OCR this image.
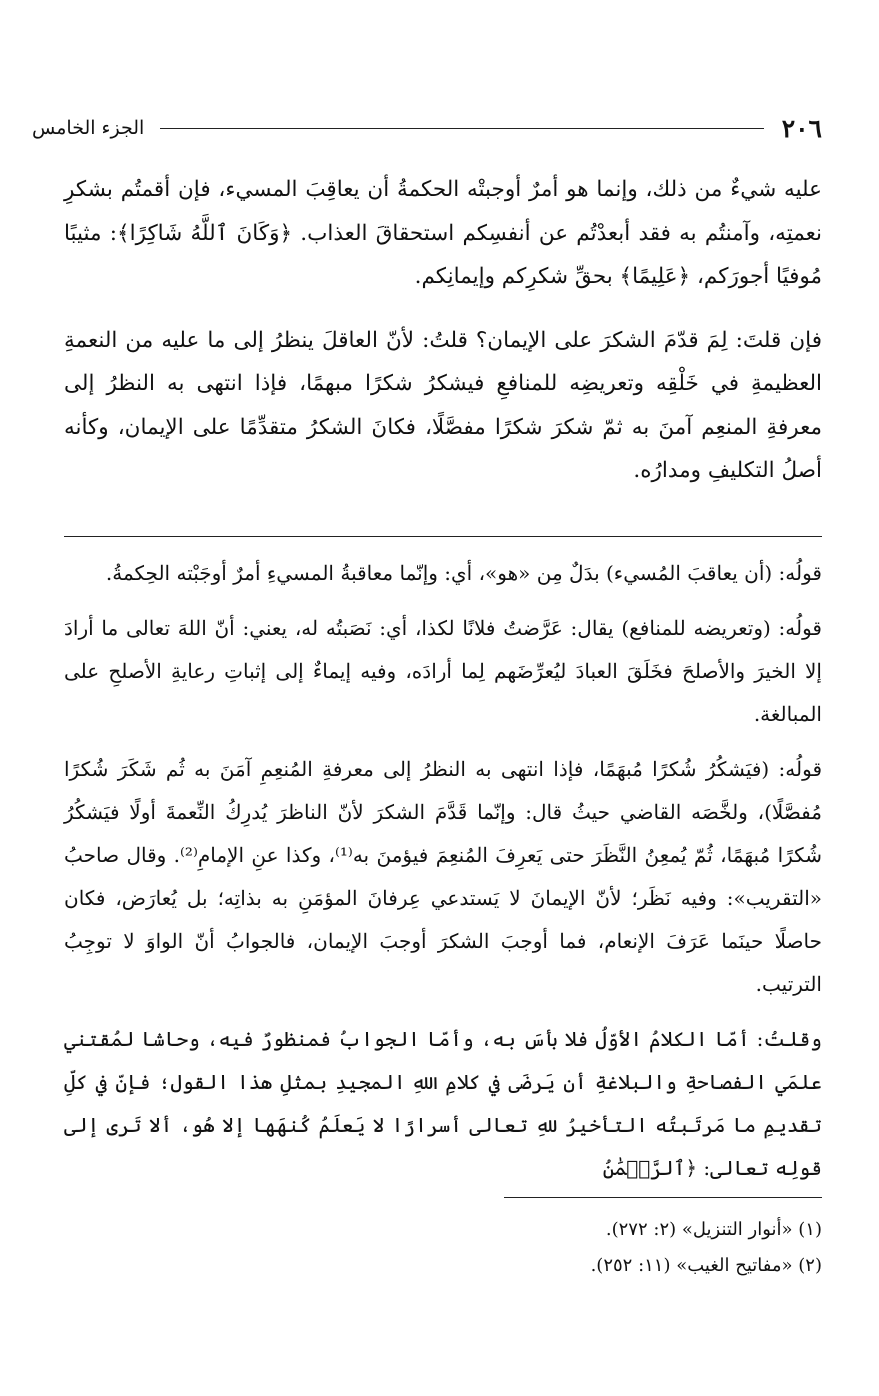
٢٠٦
الجزء الخامس

عليه شيءٌ من ذلك، وإنما هو أمرٌ أوجبتْه الحكمةُ أن يعاقِبَ المسيء، فإن أقمتُم بشكرِ نعمتِه، وآمنتُم به فقد أبعدْتُم عن أنفسِكم استحقاقَ العذاب. ﴿وَكَانَ ٱللَّهُ شَاكِرًا﴾: مثيبًا مُوفيًا أجورَكم، ﴿عَلِيمًا﴾ بحقِّ شكرِكم وإيمانِكم.

فإن قلتَ: لِمَ قدّمَ الشكرَ على الإيمان؟ قلتُ: لأنّ العاقلَ ينظرُ إلى ما عليه من النعمةِ العظيمةِ في خَلْقِه وتعريضِه للمنافعِ فيشكرُ شكرًا مبهمًا، فإذا انتهى به النظرُ إلى معرفةِ المنعِم آمنَ به ثمّ شكرَ شكرًا مفصَّلًا، فكانَ الشكرُ متقدِّمًا على الإيمان، وكأنه أصلُ التكليفِ ومدارُه.

قولُه: (أن يعاقبَ المُسيء) بدَلٌ مِن «هو»، أي: وإنّما معاقبةُ المسيءِ أمرٌ أوجَبْته الحِكمةُ.

قولُه: (وتعريضه للمنافع) يقال: عَرَّضتُ فلانًا لكذا، أي: نَصَبتُه له، يعني: أنّ اللهَ تعالى ما أرادَ إلا الخيرَ والأصلحَ فخَلَقَ العبادَ ليُعرِّضَهم لِما أرادَه، وفيه إيماءٌ إلى إثباتِ رعايةِ الأصلحِ على المبالغة.

قولُه: (فيَشكُرُ شُكرًا مُبهَمًا، فإذا انتهى به النظرُ إلى معرفةِ المُنعِمِ آمَنَ به ثُم شَكَرَ شُكرًا مُفصَّلًا)، ولخَّصَه القاضي حيثُ قال: وإنّما قَدَّمَ الشكرَ لأنّ الناظرَ يُدرِكُ النِّعمةَ أولًا فيَشكُرُ شُكرًا مُبهَمًا، ثُمّ يُمعِنُ النَّظَرَ حتى يَعرِفَ المُنعِمَ فيؤمنَ به⁽¹⁾، وكذا عنِ الإمامِ⁽²⁾. وقال صاحبُ «التقريب»: وفيه نَظَر؛ لأنّ الإيمانَ لا يَستدعي عِرفانَ المؤمَنِ به بذاتِه؛ بل يُعارَض، فكان حاصلًا حينَما عَرَفَ الإنعام، فما أوجبَ الشكرَ أوجبَ الإيمان، فالجوابُ أنّ الواوَ لا توجِبُ الترتيب.

وقلتُ: أمّا الكلامُ الأوّلُ فلا بأسَ به، وأمّا الجوابُ فمنظورٌ فيه، وحاشا لمُقتني علمَي الفصاحةِ والبلاغةِ أن يَرضَى في كلامِ اللهِ المجيدِ بمثلِ هذا القول؛ فإنّ في كلِّ تقديمِ ما مَرتَبتُه التأخيرُ للهِ تعالى أسرارًا لا يَعلَمُ كُنهَها إلا هُو، ألا تَرى إلى قولِه تعالى: ﴿ٱلرَّحۡمَٰنُ

(١) «أنوار التنزيل» (٢: ٢٧٢).
(٢) «مفاتيح الغيب» (١١: ٢٥٢).
